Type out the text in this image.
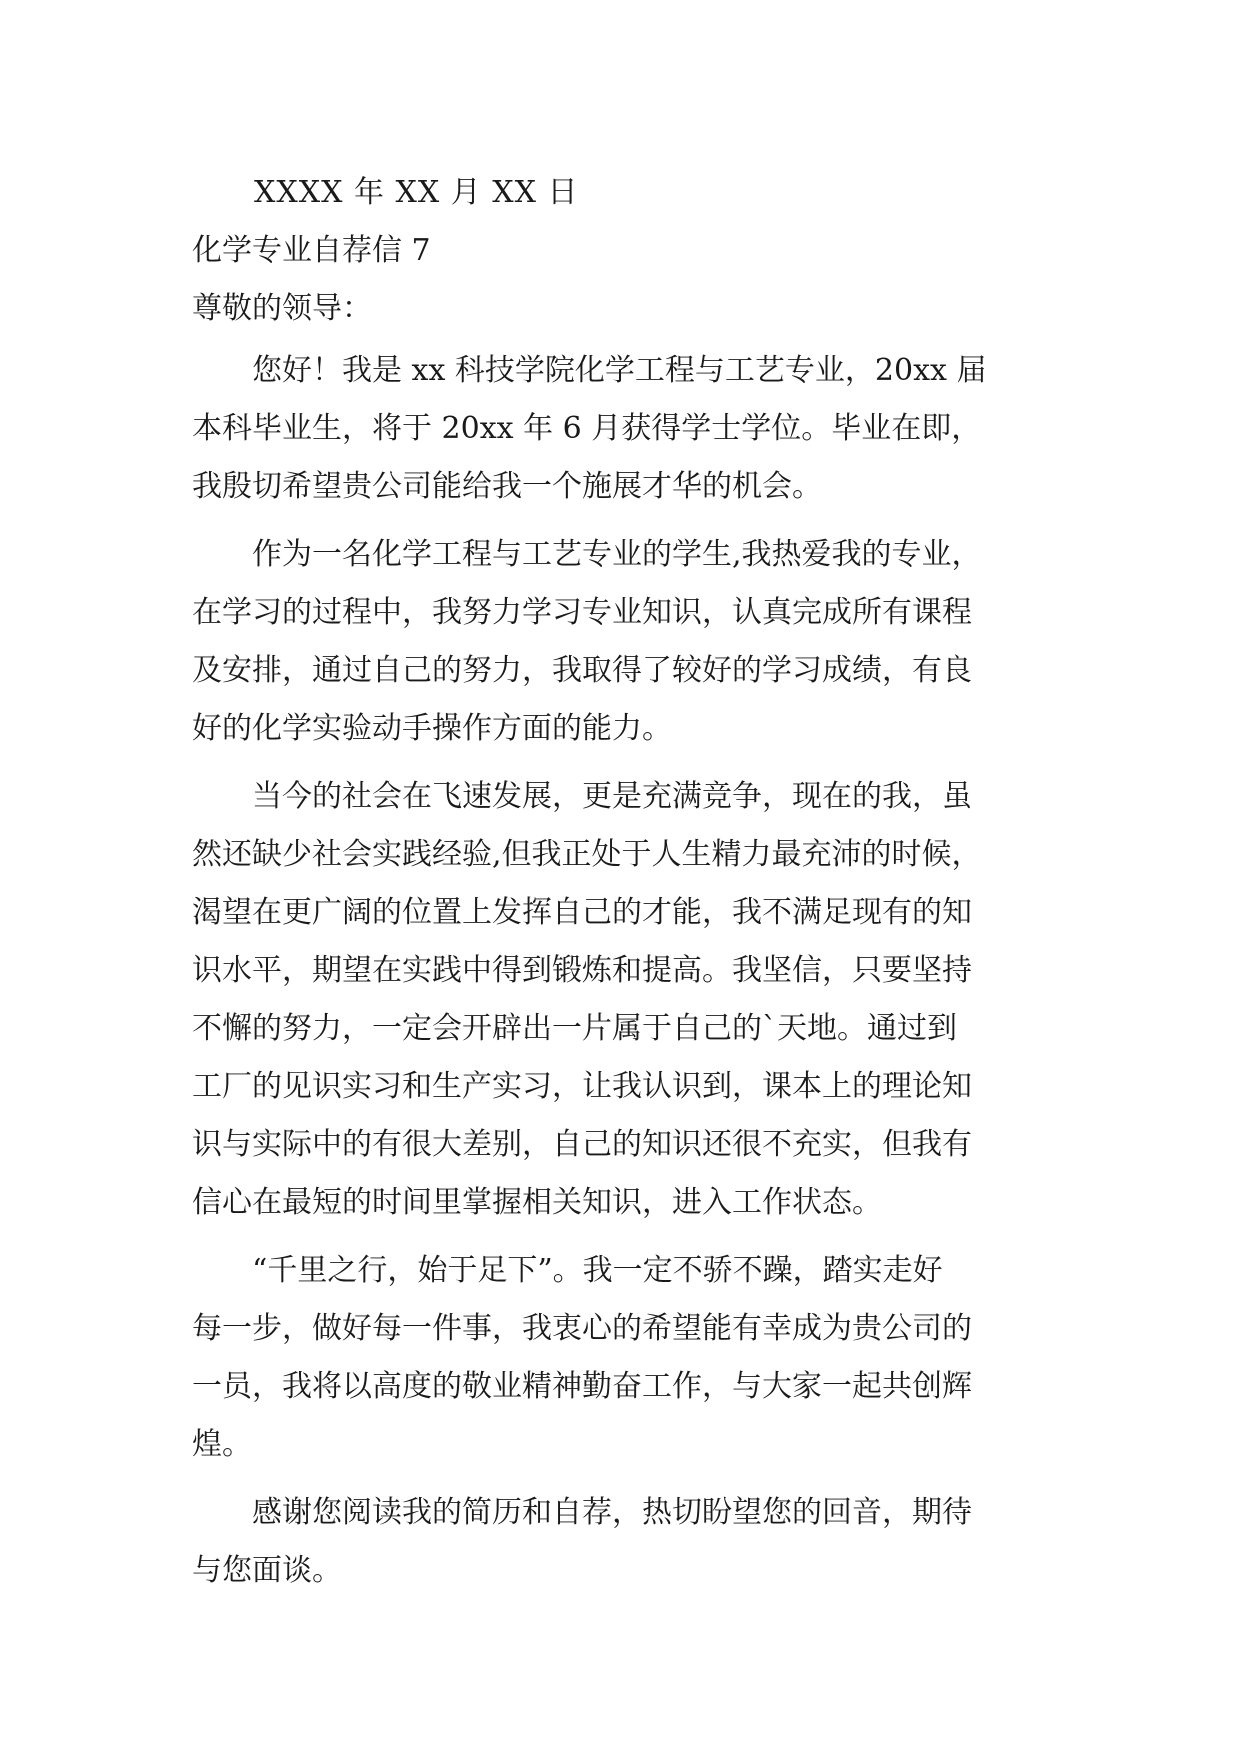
XXXX 年 XX 月 XX 日
化学专业自荐信 7
尊敬的领导：
　　您好！我是 xx 科技学院化学工程与工艺专业，20xx 届
本科毕业生，将于 20xx 年 6 月获得学士学位。毕业在即，
我殷切希望贵公司能给我一个施展才华的机会。
　　作为一名化学工程与工艺专业的学生,我热爱我的专业，
在学习的过程中，我努力学习专业知识，认真完成所有课程
及安排，通过自己的努力，我取得了较好的学习成绩，有良
好的化学实验动手操作方面的能力。
　　当今的社会在飞速发展，更是充满竞争，现在的我，虽
然还缺少社会实践经验,但我正处于人生精力最充沛的时候，
渴望在更广阔的位置上发挥自己的才能，我不满足现有的知
识水平，期望在实践中得到锻炼和提高。我坚信，只要坚持
不懈的努力，一定会开辟出一片属于自己的`天地。通过到
工厂的见识实习和生产实习，让我认识到，课本上的理论知
识与实际中的有很大差别，自己的知识还很不充实，但我有
信心在最短的时间里掌握相关知识，进入工作状态。
　　“千里之行，始于足下”。我一定不骄不躁，踏实走好
每一步，做好每一件事，我衷心的希望能有幸成为贵公司的
一员，我将以高度的敬业精神勤奋工作，与大家一起共创辉
煌。
　　感谢您阅读我的简历和自荐，热切盼望您的回音，期待
与您面谈。
